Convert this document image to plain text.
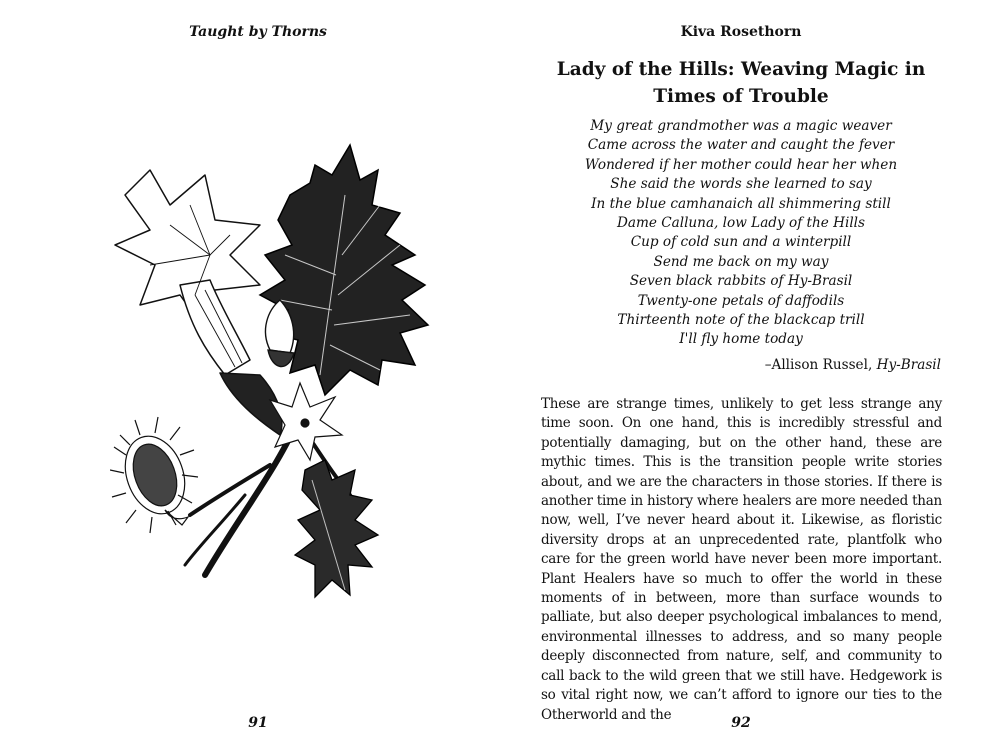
Taught by Thorns
91
Kiva Rosethorn
Lady of the Hills: Weaving Magic in Times of Trouble
My great grandmother was a magic weaver
Came across the water and caught the fever
Wondered if her mother could hear her when
She said the words she learned to say
In the blue camhanaich all shimmering still
Dame Calluna, low Lady of the Hills
Cup of cold sun and a winterpill
Send me back on my way
Seven black rabbits of Hy-Brasil
Twenty-one petals of daffodils
Thirteenth note of the blackcap trill
I'll fly home today
–Allison Russel, Hy-Brasil
These are strange times, unlikely to get less strange any time soon. On one hand, this is incredibly stressful and potentially damaging, but on the other hand, these are mythic times. This is the transition people write stories about, and we are the characters in those stories. If there is another time in history where healers are more needed than now, well, I’ve never heard about it. Likewise, as floristic diversity drops at an unprecedented rate, plantfolk who care for the green world have never been more important. Plant Healers have so much to offer the world in these moments of in between, more than surface wounds to palliate, but also deeper psychological imbalances to mend, environmental illnesses to address, and so many people deeply disconnected from nature, self, and community to call back to the wild green that we still have. Hedgework is so vital right now, we can’t afford to ignore our ties to the Otherworld and the
92
